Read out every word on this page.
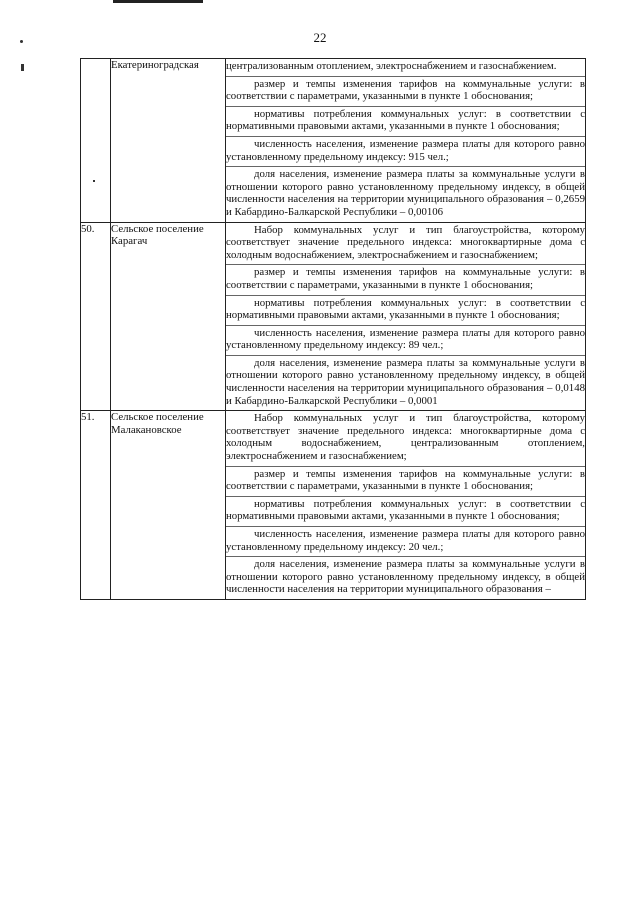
22
	Екатериноградская	централизованным отоплением, электроснабжением и газоснабжением.

размер и темпы изменения тарифов на коммунальные услуги: в соответствии с параметрами, указанными в пункте 1 обоснования;

нормативы потребления коммунальных услуг: в соответствии с нормативными правовыми актами, указанными в пункте 1 обоснования;

численность населения, изменение размера платы для которого равно установленному предельному индексу: 915 чел.;

доля населения, изменение размера платы за коммунальные услуги в отношении которого равно установленному предельному индексу, в общей численности населения на территории муниципального образования – 0,2659 и Кабардино-Балкарской Республики – 0,00106

50.	Сельское поселение Карагач	Набор коммунальных услуг и тип благоустройства, которому соответствует значение предельного индекса: многоквартирные дома с холодным водоснабжением, электроснабжением и газоснабжением;

размер и темпы изменения тарифов на коммунальные услуги: в соответствии с параметрами, указанными в пункте 1 обоснования;

нормативы потребления коммунальных услуг: в соответствии с нормативными правовыми актами, указанными в пункте 1 обоснования;

численность населения, изменение размера платы для которого равно установленному предельному индексу: 89 чел.;

доля населения, изменение размера платы за коммунальные услуги в отношении которого равно установленному предельному индексу, в общей численности населения на территории муниципального образования – 0,0148 и Кабардино-Балкарской Республики – 0,0001

51.	Сельское поселение Малакановское	Набор коммунальных услуг и тип благоустройства, которому соответствует значение предельного индекса: многоквартирные дома с холодным водоснабжением, централизованным отоплением, электроснабжением и газоснабжением;

размер и темпы изменения тарифов на коммунальные услуги: в соответствии с параметрами, указанными в пункте 1 обоснования;

нормативы потребления коммунальных услуг: в соответствии с нормативными правовыми актами, указанными в пункте 1 обоснования;

численность населения, изменение размера платы для которого равно установленному предельному индексу: 20 чел.;

доля населения, изменение размера платы за коммунальные услуги в отношении которого равно установленному предельному индексу, в общей численности населения на территории муниципального образования –
